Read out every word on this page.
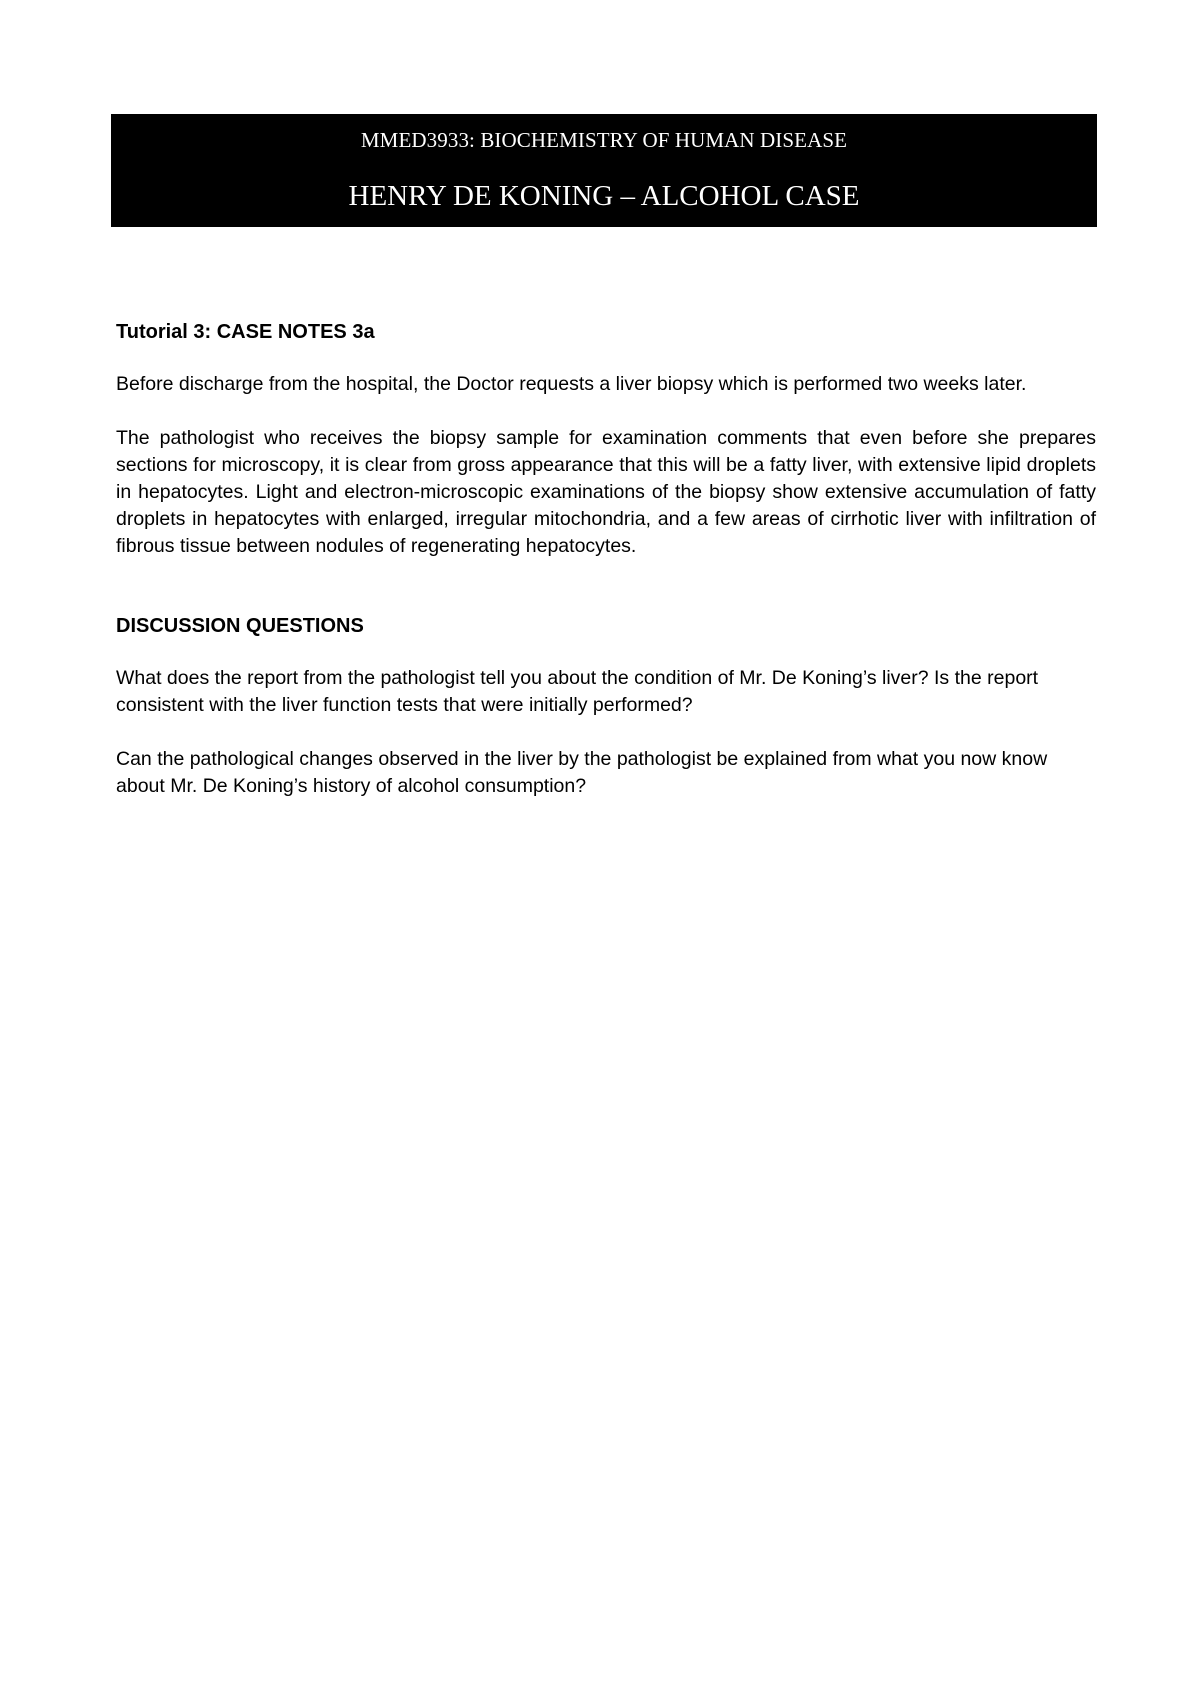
MMED3933: BIOCHEMISTRY OF HUMAN DISEASE
HENRY DE KONING – ALCOHOL CASE
Tutorial 3: CASE NOTES 3a

Before discharge from the hospital, the Doctor requests a liver biopsy which is performed two weeks later.

The pathologist who receives the biopsy sample for examination comments that even before she prepares sections for microscopy, it is clear from gross appearance that this will be a fatty liver, with extensive lipid droplets in hepatocytes. Light and electron-microscopic examinations of the biopsy show extensive accumulation of fatty droplets in hepatocytes with enlarged, irregular mitochondria, and a few areas of cirrhotic liver with infiltration of fibrous tissue between nodules of regenerating hepatocytes.

DISCUSSION QUESTIONS

What does the report from the pathologist tell you about the condition of Mr. De Koning’s liver? Is the report consistent with the liver function tests that were initially performed?

Can the pathological changes observed in the liver by the pathologist be explained from what you now know about Mr. De Koning’s history of alcohol consumption?
